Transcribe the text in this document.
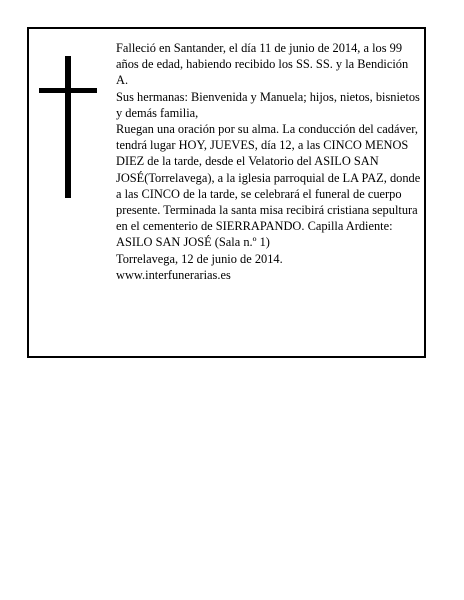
Falleció en Santander, el día 11 de junio de 2014, a los 99 años de edad, habiendo recibido los SS. SS. y la Bendición A.

Sus hermanas: Bienvenida y Manuela; hijos, nietos, bisnietos y demás familia,

Ruegan una oración por su alma. La conducción del cadáver, tendrá lugar HOY, JUEVES, día 12, a las CINCO MENOS DIEZ de la tarde, desde el Velatorio del ASILO SAN JOSÉ(Torrelavega), a la iglesia parroquial de LA PAZ, donde a las CINCO de la tarde, se celebrará el funeral de cuerpo presente. Terminada la santa misa recibirá cristiana sepultura en el cementerio de SIERRAPANDO. Capilla Ardiente: ASILO SAN JOSÉ (Sala n.º 1)

Torrelavega, 12 de junio de 2014.

www.interfunerarias.es
